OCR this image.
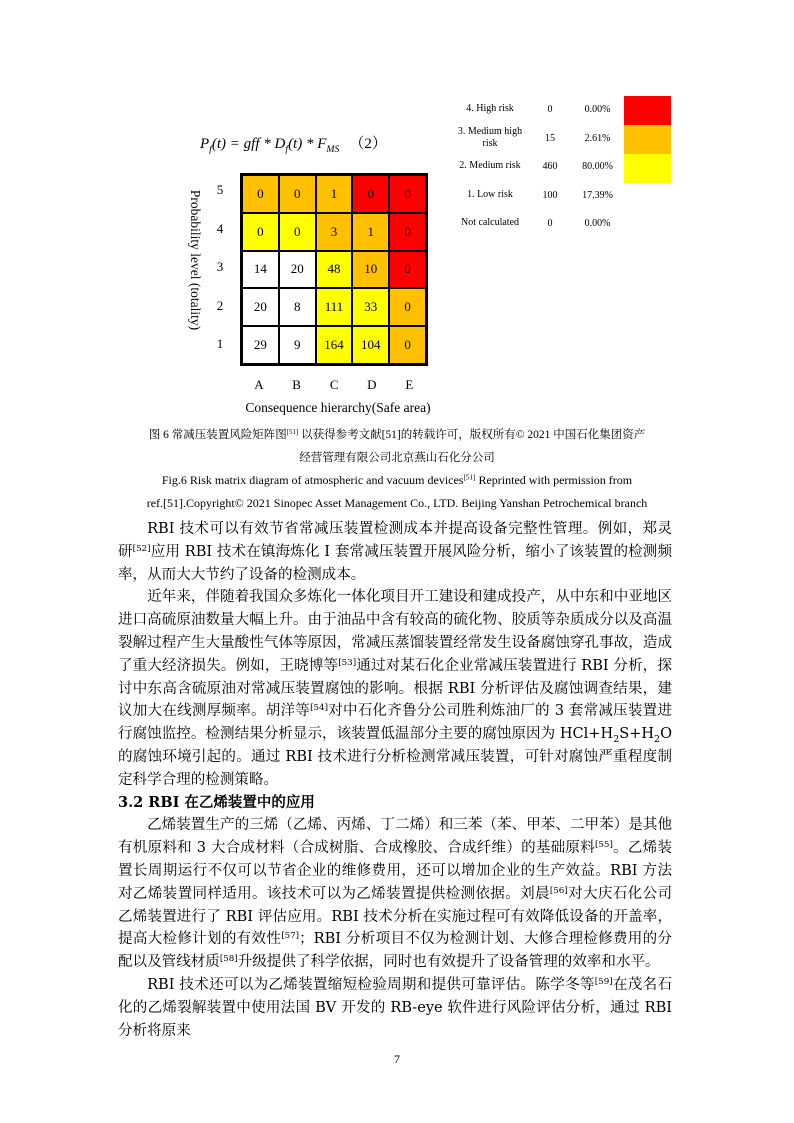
$P_f(t)$ = gff * $D_f(t) * F_{MS}$ （2）
Probability level (totality)	0	0	1	0	0
0	0	3	1	0
14	20	48	10	0
20	8	111	33	0
29	9	164	104	0
5
4
3
2
1
A	B	C	D	E
Consequence hierarchy(Safe area)
4. High risk	0	0.00%
3. Medium high risk	15	2.61%
2. Medium risk	460	80.00%
1. Low risk	100	17.39%
Not calculated	0	0.00%
图 6 常减压装置风险矩阵图[51] 以获得参考文献[51]的转载许可，版权所有© 2021 中国石化集团资产
经营管理有限公司北京燕山石化分公司
Fig.6 Risk matrix diagram of atmospheric and vacuum devices[51] Reprinted with permission from
ref.[51].Copyright© 2021 Sinopec Asset Management Co., LTD. Beijing Yanshan Petrochemical branch

RBI 技术可以有效节省常减压装置检测成本并提高设备完整性管理。例如，郑灵研[52]应用 RBI 技术在镇海炼化 Ⅰ 套常减压装置开展风险分析，缩小了该装置的检测频率，从而大大节约了设备的检测成本。

近年来，伴随着我国众多炼化一体化项目开工建设和建成投产，从中东和中亚地区进口高硫原油数量大幅上升。由于油品中含有较高的硫化物、胶质等杂质成分以及高温裂解过程产生大量酸性气体等原因，常减压蒸馏装置经常发生设备腐蚀穿孔事故，造成了重大经济损失。例如，王晓博等[53]通过对某石化企业常减压装置进行 RBI 分析，探讨中东高含硫原油对常减压装置腐蚀的影响。根据 RBI 分析评估及腐蚀调查结果，建议加大在线测厚频率。胡洋等[54]对中石化齐鲁分公司胜利炼油厂的 3 套常减压装置进行腐蚀监控。检测结果分析显示，该装置低温部分主要的腐蚀原因为 $HCl+H_2S+H_2O$ 的腐蚀环境引起的。通过 RBI 技术进行分析检测常减压装置，可针对腐蚀严重程度制定科学合理的检测策略。

3.2 RBI 在乙烯装置中的应用

乙烯装置生产的三烯（乙烯、丙烯、丁二烯）和三苯（苯、甲苯、二甲苯）是其他有机原料和 3 大合成材料（合成树脂、合成橡胶、合成纤维）的基础原料[55]。乙烯装置长周期运行不仅可以节省企业的维修费用，还可以增加企业的生产效益。RBI 方法对乙烯装置同样适用。该技术可以为乙烯装置提供检测依据。刘晨[56]对大庆石化公司乙烯装置进行了 RBI 评估应用。RBI 技术分析在实施过程可有效降低设备的开盖率，提高大检修计划的有效性[57]；RBI 分析项目不仅为检测计划、大修合理检修费用的分配以及管线材质[58]升级提供了科学依据，同时也有效提升了设备管理的效率和水平。

RBI 技术还可以为乙烯装置缩短检验周期和提供可靠评估。陈学冬等[59]在茂名石化的乙烯裂解装置中使用法国 BV 开发的 RB-eye 软件进行风险评估分析，通过 RBI 分析将原来

7
